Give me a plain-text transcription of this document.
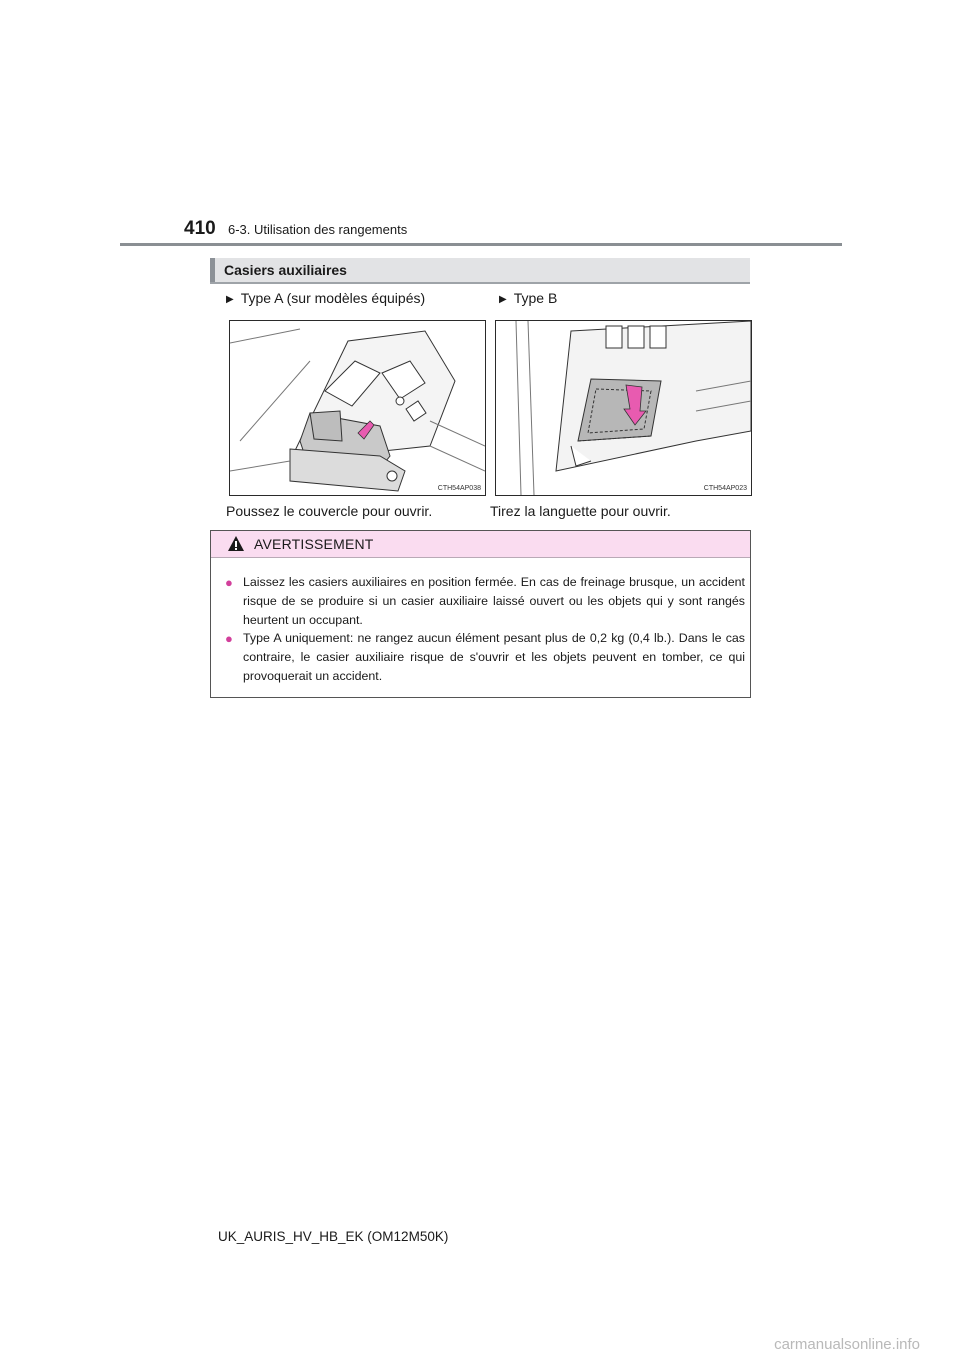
410 6-3. Utilisation des rangements
Casiers auxiliaires
▶ Type A (sur modèles équipés)	▶ Type B
CTH54AP038	CTH54AP023
Poussez le couvercle pour ouvrir.	Tirez la languette pour ouvrir.
AVERTISSEMENT
● Laissez les casiers auxiliaires en position fermée. En cas de freinage brusque, un accident risque de se produire si un casier auxiliaire laissé ouvert ou les objets qui y sont rangés heurtent un occupant.
● Type A uniquement: ne rangez aucun élément pesant plus de 0,2 kg (0,4 lb.). Dans le cas contraire, le casier auxiliaire risque de s'ouvrir et les objets peuvent en tomber, ce qui provoquerait un accident.
UK_AURIS_HV_HB_EK (OM12M50K)
carmanualsonline.info
